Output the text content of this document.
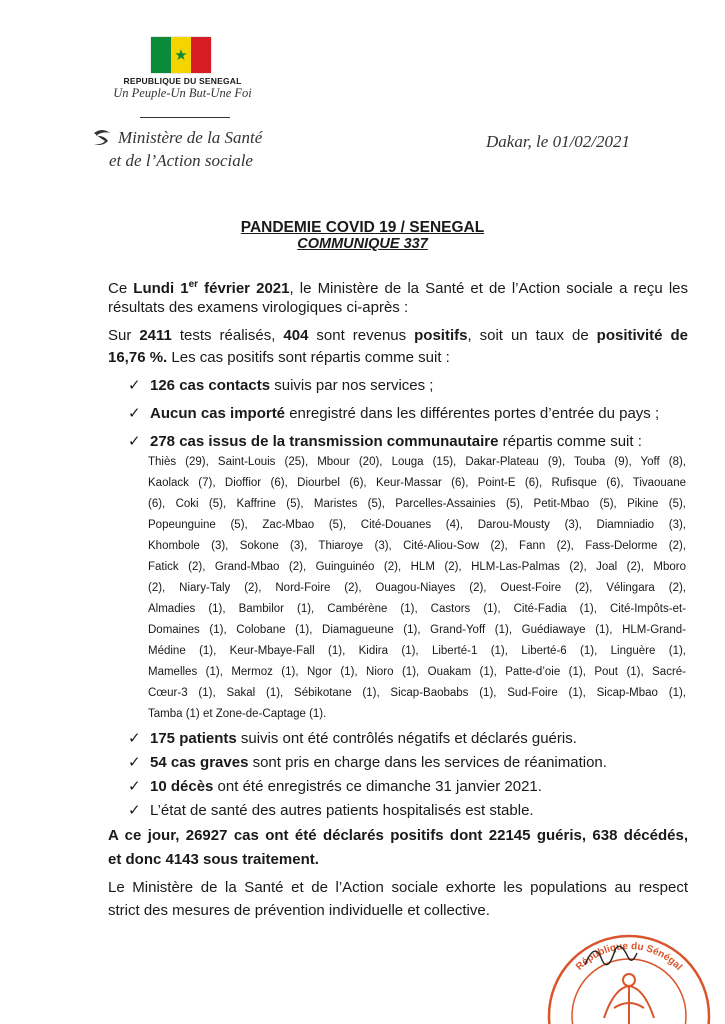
★
REPUBLIQUE DU SENEGAL
Un Peuple-Un But-Une Foi
Ministère de la Santé
et de l’Action sociale
Dakar, le 01/02/2021
PANDEMIE COVID 19 / SENEGAL
COMMUNIQUE 337
Ce Lundi 1er février 2021, le Ministère de la Santé et de l’Action sociale a reçu les
résultats des examens virologiques ci-après :
Sur 2411 tests réalisés, 404 sont revenus positifs, soit un taux de positivité de
16,76 %. Les cas positifs sont répartis comme suit :
✓ 126 cas contacts suivis par nos services ;
✓ Aucun cas importé enregistré dans les différentes portes d’entrée du pays ;
✓ 278 cas issus de la transmission communautaire répartis comme suit :
Thiès (29), Saint-Louis (25), Mbour (20), Louga (15), Dakar-Plateau (9), Touba (9), Yoff (8),
Kaolack (7), Dioffior (6), Diourbel (6), Keur-Massar (6), Point-E (6), Rufisque (6), Tivaouane
(6), Coki (5), Kaffrine (5), Maristes (5), Parcelles-Assainies (5), Petit-Mbao (5), Pikine (5),
Popeunguine (5), Zac-Mbao (5), Cité-Douanes (4), Darou-Mousty (3), Diamniadio (3),
Khombole (3), Sokone (3), Thiaroye (3), Cité-Aliou-Sow (2), Fann (2), Fass-Delorme (2),
Fatick (2), Grand-Mbao (2), Guinguinéo (2), HLM (2), HLM-Las-Palmas (2), Joal (2), Mboro
(2), Niary-Taly (2), Nord-Foire (2), Ouagou-Niayes (2), Ouest-Foire (2), Vélingara (2),
Almadies (1), Bambilor (1), Cambérène (1), Castors (1), Cité-Fadia (1), Cité-Impôts-et-
Domaines (1), Colobane (1), Diamagueune (1), Grand-Yoff (1), Guédiawaye (1), HLM-Grand-
Médine (1), Keur-Mbaye-Fall (1), Kidira (1), Liberté-1 (1), Liberté-6 (1), Linguère (1),
Mamelles (1), Mermoz (1), Ngor (1), Nioro (1), Ouakam (1), Patte-d’oie (1), Pout (1), Sacré-
Cœur-3 (1), Sakal (1), Sébikotane (1), Sicap-Baobabs (1), Sud-Foire (1), Sicap-Mbao (1),
Tamba (1) et Zone-de-Captage (1).
✓ 175 patients suivis ont été contrôlés négatifs et déclarés guéris.
✓ 54 cas graves sont pris en charge dans les services de réanimation.
✓ 10 décès ont été enregistrés ce dimanche 31 janvier 2021.
✓ L’état de santé des autres patients hospitalisés est stable.
A ce jour, 26927 cas ont été déclarés positifs dont 22145 guéris, 638 décédés,
et donc 4143 sous traitement.
Le Ministère de la Santé et de l’Action sociale exhorte les populations au respect
strict des mesures de prévention individuelle et collective.
République du Sénégal
